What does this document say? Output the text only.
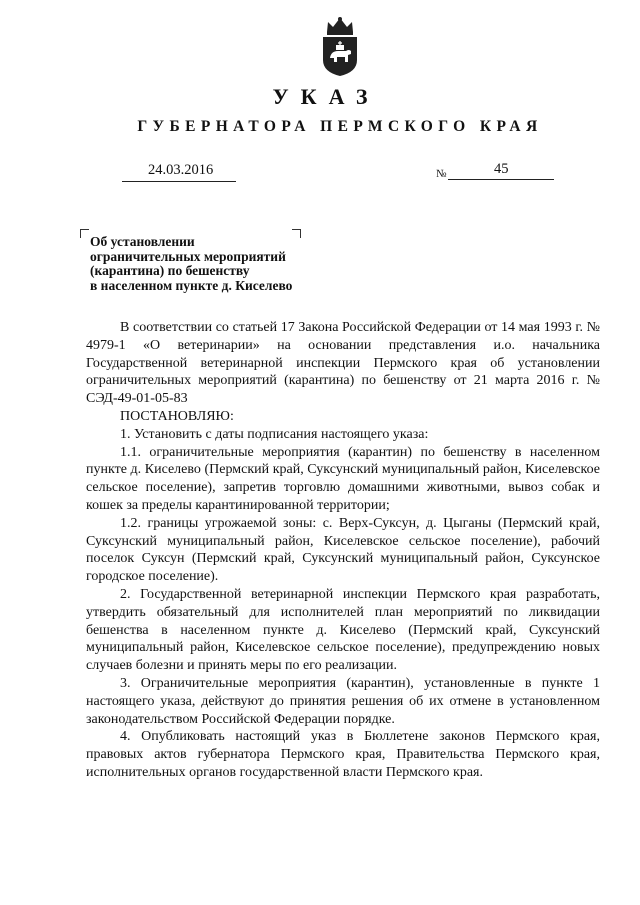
УКАЗ
ГУБЕРНАТОРА ПЕРМСКОГО КРАЯ
24.03.2016	№	45
Об установлении
ограничительных мероприятий
(карантина) по бешенству
в населенном пункте д. Киселево

В соответствии со статьей 17 Закона Российской Федерации от 14 мая 1993 г. № 4979-1 «О ветеринарии» на основании представления и.о. начальника Государственной ветеринарной инспекции Пермского края об установлении ограничительных мероприятий (карантина) по бешенству от 21 марта 2016 г. № СЭД-49-01-05-83

ПОСТАНОВЛЯЮ:

1. Установить с даты подписания настоящего указа:

1.1. ограничительные мероприятия (карантин) по бешенству в населенном пункте д. Киселево (Пермский край, Суксунский муниципальный район, Киселевское сельское поселение), запретив торговлю домашними животными, вывоз собак и кошек за пределы карантинированной территории;

1.2. границы угрожаемой зоны: с. Верх-Суксун, д. Цыганы (Пермский край, Суксунский муниципальный район, Киселевское сельское поселение), рабочий поселок Суксун (Пермский край, Суксунский муниципальный район, Суксунское городское поселение).

2. Государственной ветеринарной инспекции Пермского края разработать, утвердить обязательный для исполнителей план мероприятий по ликвидации бешенства в населенном пункте д. Киселево (Пермский край, Суксунский муниципальный район, Киселевское сельское поселение), предупреждению новых случаев болезни и принять меры по его реализации.

3. Ограничительные мероприятия (карантин), установленные в пункте 1 настоящего указа, действуют до принятия решения об их отмене в установленном законодательством Российской Федерации порядке.

4. Опубликовать настоящий указ в Бюллетене законов Пермского края, правовых актов губернатора Пермского края, Правительства Пермского края, исполнительных органов государственной власти Пермского края.
